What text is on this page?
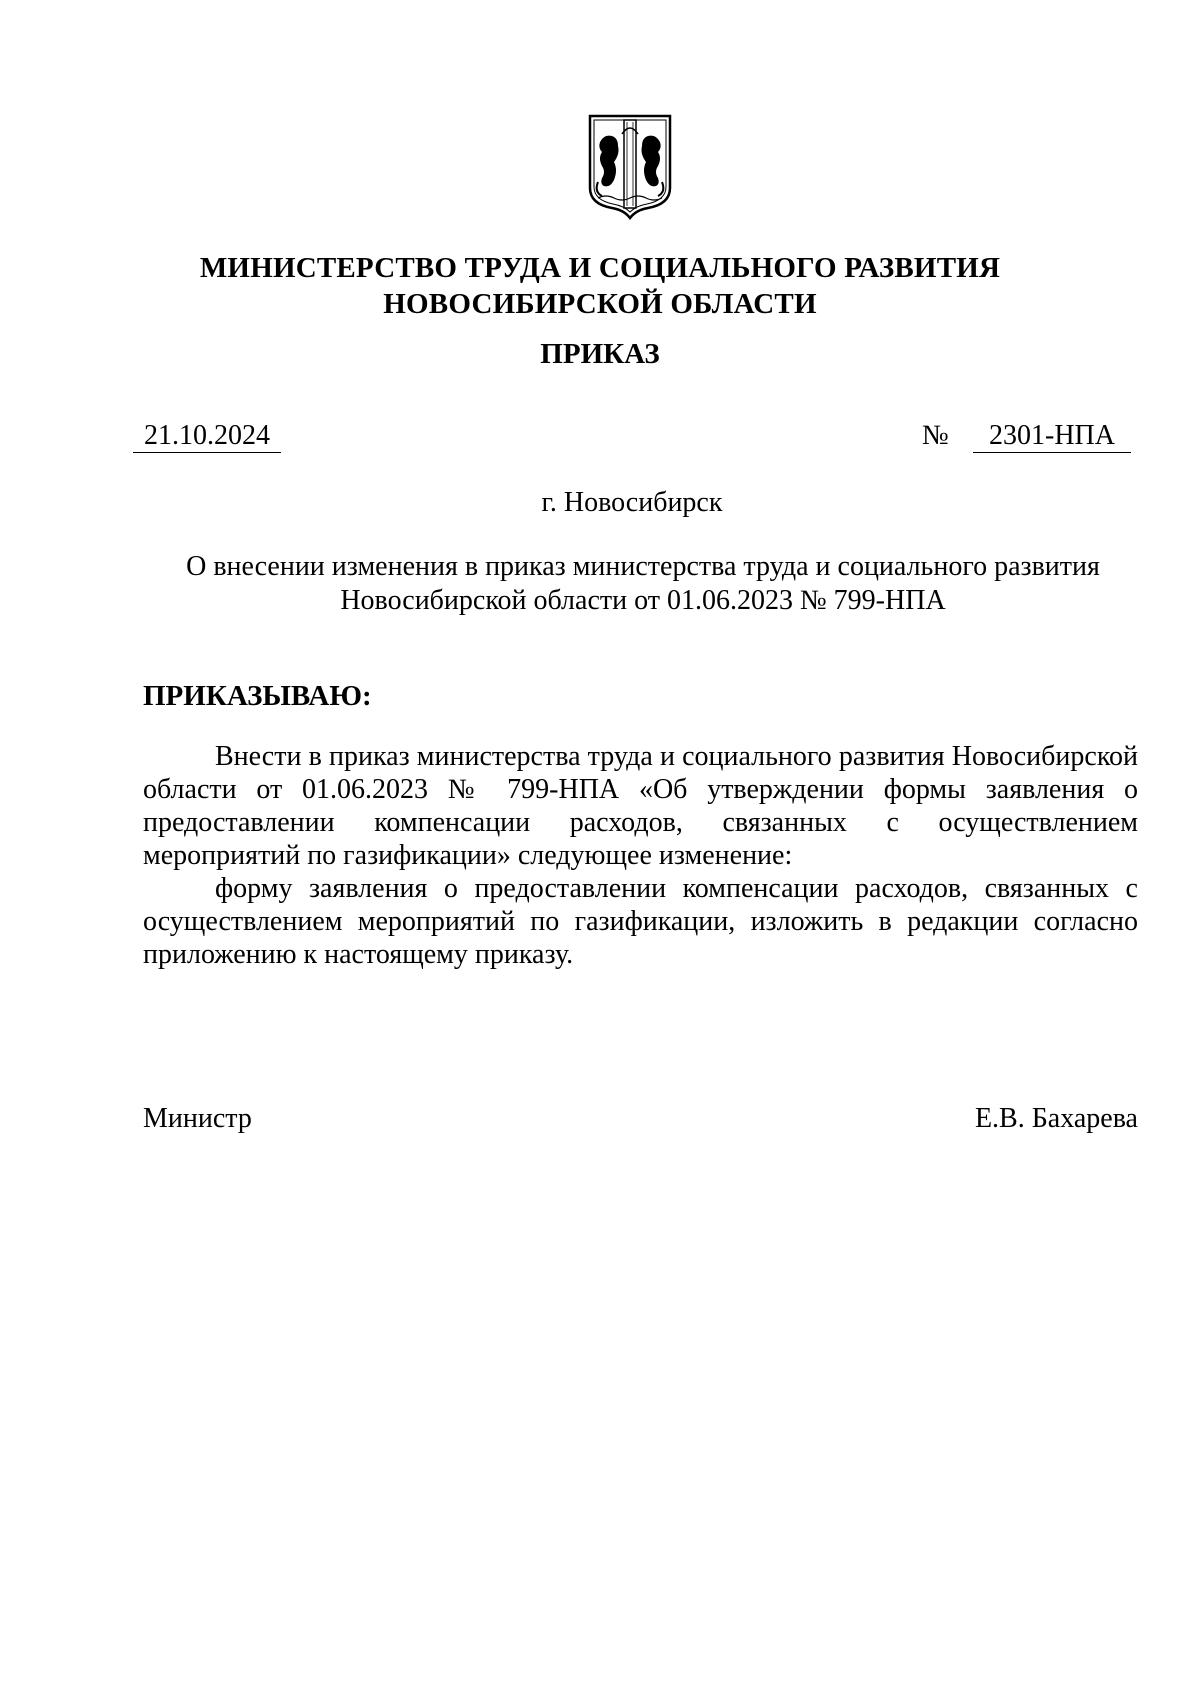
МИНИСТЕРСТВО ТРУДА И СОЦИАЛЬНОГО РАЗВИТИЯ
НОВОСИБИРСКОЙ ОБЛАСТИ
ПРИКАЗ
21.10.2024	№	2301-НПА
г. Новосибирск
О внесении изменения в приказ министерства труда и социального развития
Новосибирской области от 01.06.2023 № 799-НПА
ПРИКАЗЫВАЮ:

Внести в приказ министерства труда и социального развития Новосибирской области от 01.06.2023 № 799-НПА «Об утверждении формы заявления о предоставлении компенсации расходов, связанных с осуществлением мероприятий по газификации» следующее изменение:

форму заявления о предоставлении компенсации расходов, связанных с осуществлением мероприятий по газификации, изложить в редакции согласно приложению к настоящему приказу.

Министр	Е.В. Бахарева
